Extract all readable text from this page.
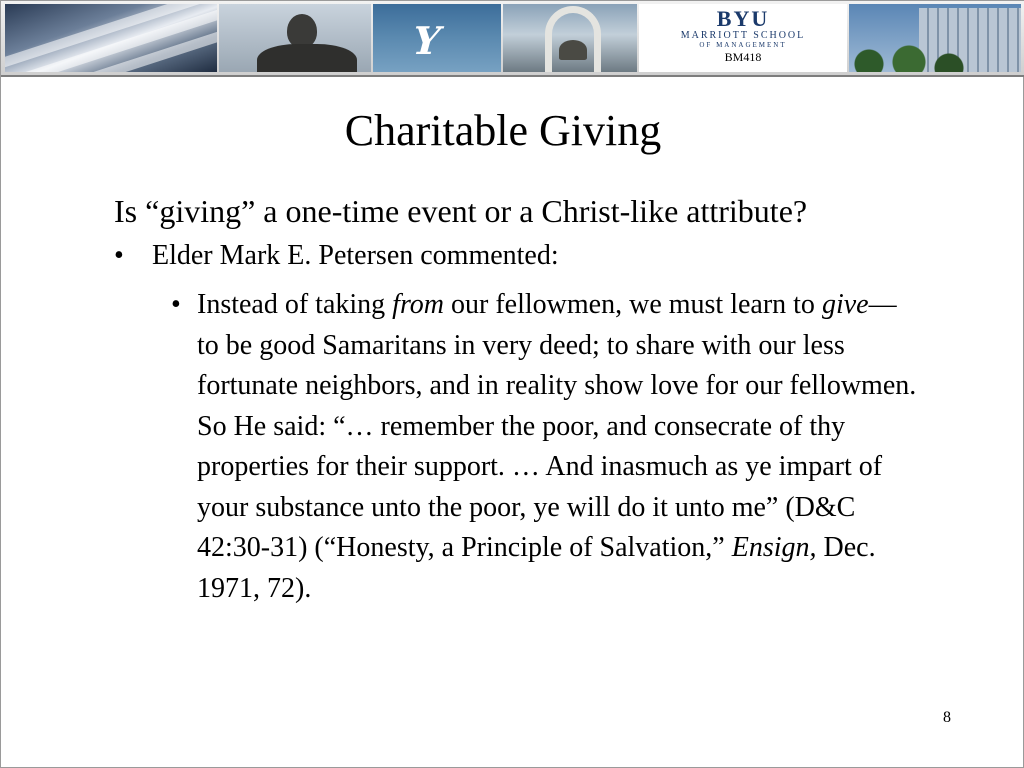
Y	BYU
MARRIOTT SCHOOL
OF MANAGEMENT
BM418
Charitable Giving

Is “giving” a one-time event or a Christ-like attribute?

• Elder Mark E. Petersen commented:
• Instead of taking from our fellowmen, we must learn to give—to be good Samaritans in very deed; to share with our less fortunate neighbors, and in reality show love for our fellowmen. So He said: “… remember the poor, and consecrate of thy properties for their support. … And inasmuch as ye impart of your substance unto the poor, ye will do it unto me” (D&C 42:30-31) (“Honesty, a Principle of Salvation,” Ensign, Dec. 1971, 72).
8
